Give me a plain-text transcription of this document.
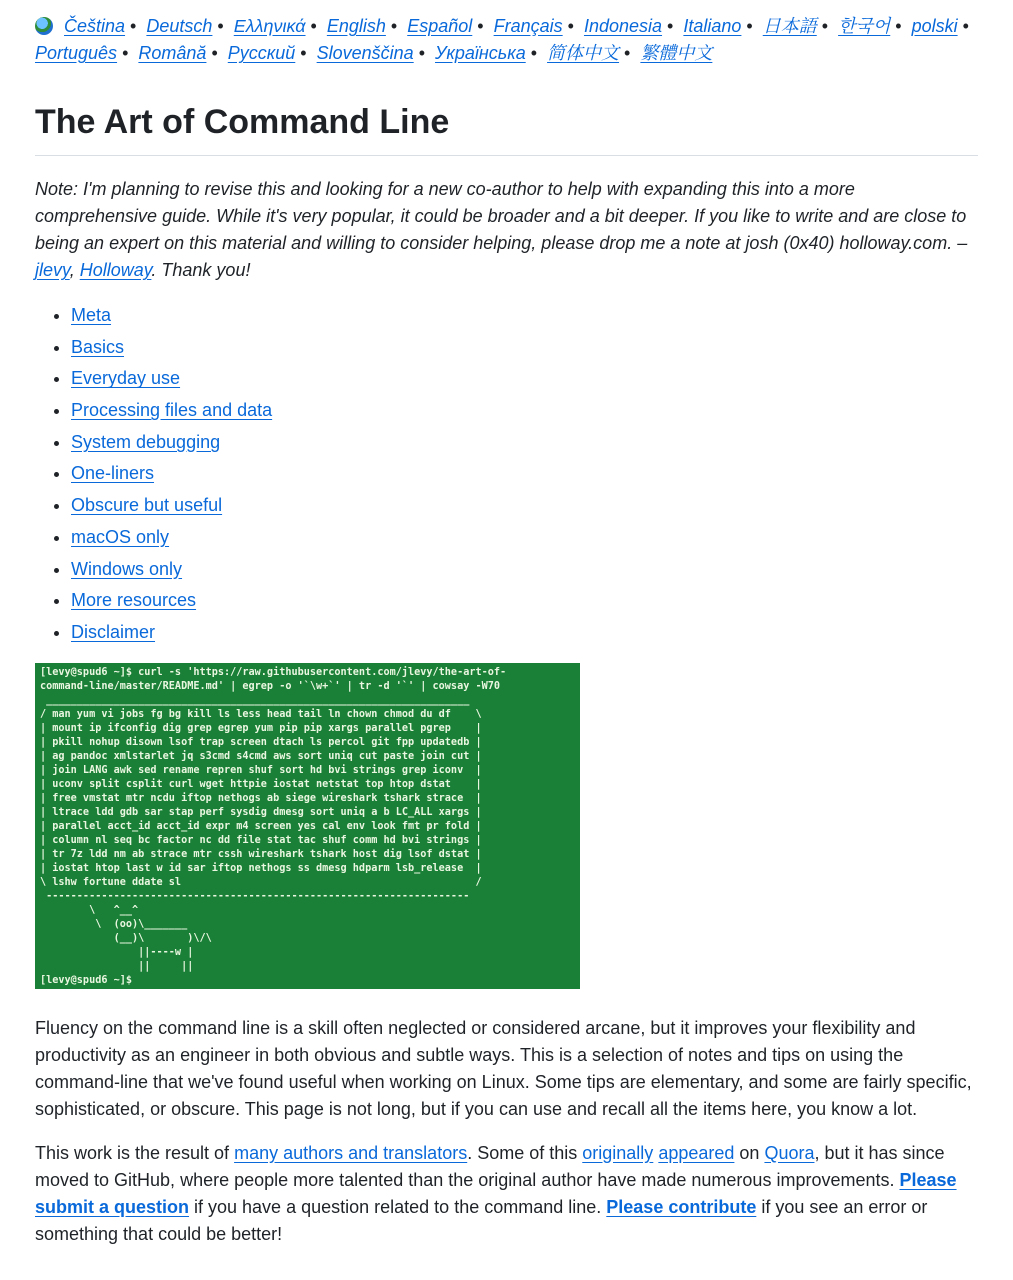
Čeština • Deutsch • Ελληνικά • English • Español • Français • Indonesia • Italiano • 日本語 • 한국어 • polski • Português • Română • Русский • Slovenščina • Українська • 简体中文 • 繁體中文
The Art of Command Line

Note: I'm planning to revise this and looking for a new co-author to help with expanding this into a more comprehensive guide. While it's very popular, it could be broader and a bit deeper. If you like to write and are close to being an expert on this material and willing to consider helping, please drop me a note at josh (0x40) holloway.com. –jlevy, Holloway. Thank you!

• Meta
• Basics
• Everyday use
• Processing files and data
• System debugging
• One-liners
• Obscure but useful
• macOS only
• Windows only
• More resources
• Disclaimer
[levy@spud6 ~]$ curl -s 'https://raw.githubusercontent.com/jlevy/the-art-of-
command-line/master/README.md' | egrep -o '`\w+`' | tr -d '`' | cowsay -W70
_____________________________________________________________________
/ man yum vi jobs fg bg kill ls less head tail ln chown chmod du df    \
| mount ip ifconfig dig grep egrep yum pip pip xargs parallel pgrep    |
| pkill nohup disown lsof trap screen dtach ls percol git fpp updatedb |
| ag pandoc xmlstarlet jq s3cmd s4cmd aws sort uniq cut paste join cut |
| join LANG awk sed rename repren shuf sort hd bvi strings grep iconv  |
| uconv split csplit curl wget httpie iostat netstat top htop dstat    |
| free vmstat mtr ncdu iftop nethogs ab siege wireshark tshark strace  |
| ltrace ldd gdb sar stap perf sysdig dmesg sort uniq a b LC_ALL xargs |
| parallel acct_id acct_id expr m4 screen yes cal env look fmt pr fold |
| column nl seq bc factor nc dd file stat tac shuf comm hd bvi strings |
| tr 7z ldd nm ab strace mtr cssh wireshark tshark host dig lsof dstat |
| iostat htop last w id sar iftop nethogs ss dmesg hdparm lsb_release  |
\ lshw fortune ddate sl                                                /
---------------------------------------------------------------------
\   ^__^
\  (oo)\_______
(__)\       )\/\
||----w |
||     ||
[levy@spud6 ~]$

Fluency on the command line is a skill often neglected or considered arcane, but it improves your flexibility and productivity as an engineer in both obvious and subtle ways. This is a selection of notes and tips on using the command-line that we've found useful when working on Linux. Some tips are elementary, and some are fairly specific, sophisticated, or obscure. This page is not long, but if you can use and recall all the items here, you know a lot.

This work is the result of many authors and translators. Some of this originally appeared on Quora, but it has since moved to GitHub, where people more talented than the original author have made numerous improvements. Please submit a question if you have a question related to the command line. Please contribute if you see an error or something that could be better!
